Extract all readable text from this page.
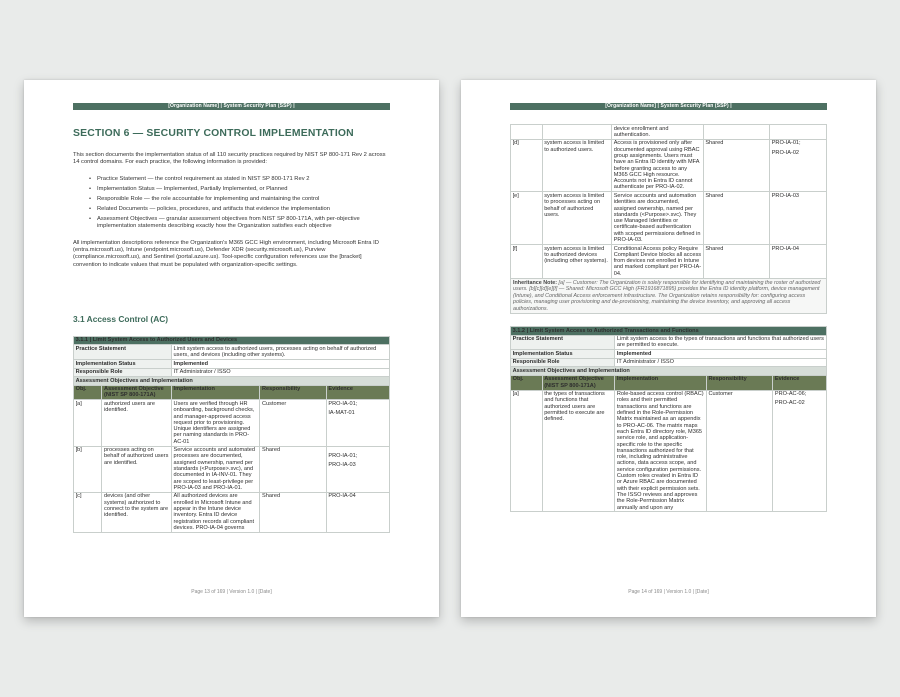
[Organization Name] | System Security Plan (SSP) |
SECTION 6 — SECURITY CONTROL IMPLEMENTATION

This section documents the implementation status of all 110 security practices required by NIST SP 800-171 Rev 2 across 14 control domains. For each practice, the following information is provided:

• Practice Statement — the control requirement as stated in NIST SP 800-171 Rev 2
• Implementation Status — Implemented, Partially Implemented, or Planned
• Responsible Role — the role accountable for implementing and maintaining the control
• Related Documents — policies, procedures, and artifacts that evidence the implementation
• Assessment Objectives — granular assessment objectives from NIST SP 800-171A, with per-objective implementation statements describing exactly how the Organization satisfies each objective

All implementation descriptions reference the Organization's M365 GCC High environment, including Microsoft Entra ID (entra.microsoft.us), Intune (endpoint.microsoft.us), Defender XDR (security.microsoft.us), Purview (compliance.microsoft.us), and Sentinel (portal.azure.us). Tool-specific configuration references use the [bracket] convention to indicate values that must be populated with organization-specific settings.

3.1 Access Control (AC)
3.1.1 | Limit System Access to Authorized Users and Devices				
Practice Statement		Limit system access to authorized users, processes acting on behalf of authorized users, and devices (including other systems).		
Implementation Status		Implemented		
Responsible Role		IT Administrator / ISSO		
Assessment Objectives and Implementation				
Obj.	Assessment Objective (NIST SP 800-171A)	Implementation	Responsibility	Evidence
[a]	authorized users are identified.	Users are verified through HR onboarding, background checks, and manager-approved access request prior to provisioning. Unique identifiers are assigned per naming standards in PRO-AC-01	Customer	PRO-IA-01;
IA-MAT-01

[b]	processes acting on behalf of authorized users are identified.	Service accounts and automated processes are documented, assigned ownership, named per standards (<Purpose>.svc), and documented in IA-INV-01. They are scoped to least-privilege per PRO-IA-03 and PRO-IA-01.	Shared	PRO-IA-01;
PRO-IA-03

[c]	devices (and other systems) authorized to connect to the system are identified.	All authorized devices are enrolled in Microsoft Intune and appear in the Intune device inventory. Entra ID device registration records all compliant devices. PRO-IA-04 governs	Shared	PRO-IA-04
Page 13 of 169 | Version 1.0 | [Date]
[Organization Name] | System Security Plan (SSP) |
		device enrollment and authentication.		
[d]	system access is limited to authorized users.	Access is provisioned only after documented approval using RBAC group assignments. Users must have an Entra ID identity with MFA before granting access to any M365 GCC High resource. Accounts not in Entra ID cannot authenticate per PRO-IA-02.	Shared	PRO-IA-01;
PRO-IA-02

[e]	system access is limited to processes acting on behalf of authorized users.	Service accounts and automation identities are documented, assigned ownership, named per standards (<Purpose>.svc). They use Managed Identities or certificate-based authentication with scoped permissions defined in PRO-IA-03.	Shared	PRO-IA-03

[f]	system access is limited to authorized devices (including other systems).	Conditional Access policy Require Compliant Device blocks all access from devices not enrolled in Intune and marked compliant per PRO-IA-04.	Shared	PRO-IA-04
Inheritance Note: [a] — Customer: The Organization is solely responsible for identifying and maintaining the roster of authorized users. [b][c][d][e][f] — Shared: Microsoft GCC High (FR1916871895) provides the Entra ID identity platform, device management (Intune), and Conditional Access enforcement infrastructure. The Organization retains responsibility for: configuring access policies, managing user provisioning and de-provisioning, maintaining the device inventory, and approving all access authorizations.
3.1.2 | Limit System Access to Authorized Transactions and Functions				
Practice Statement		Limit system access to the types of transactions and functions that authorized users are permitted to execute.		
Implementation Status		Implemented		
Responsible Role		IT Administrator / ISSO		
Assessment Objectives and Implementation				
Obj.	Assessment Objective (NIST SP 800-171A)	Implementation	Responsibility	Evidence
[a]	the types of transactions and functions that authorized users are permitted to execute are defined.	Role-based access control (RBAC) roles and their permitted transactions and functions are defined in the Role-Permission Matrix maintained as an appendix to PRO-AC-06. The matrix maps each Entra ID directory role, M365 service role, and application-specific role to the specific transactions authorized for that role, including administrative actions, data access scope, and service configuration permissions. Custom roles created in Entra ID or Azure RBAC are documented with their explicit permission sets. The ISSO reviews and approves the Role-Permission Matrix annually and upon any	Customer	PRO-AC-06;
PRO-AC-02
Page 14 of 169 | Version 1.0 | [Date]
